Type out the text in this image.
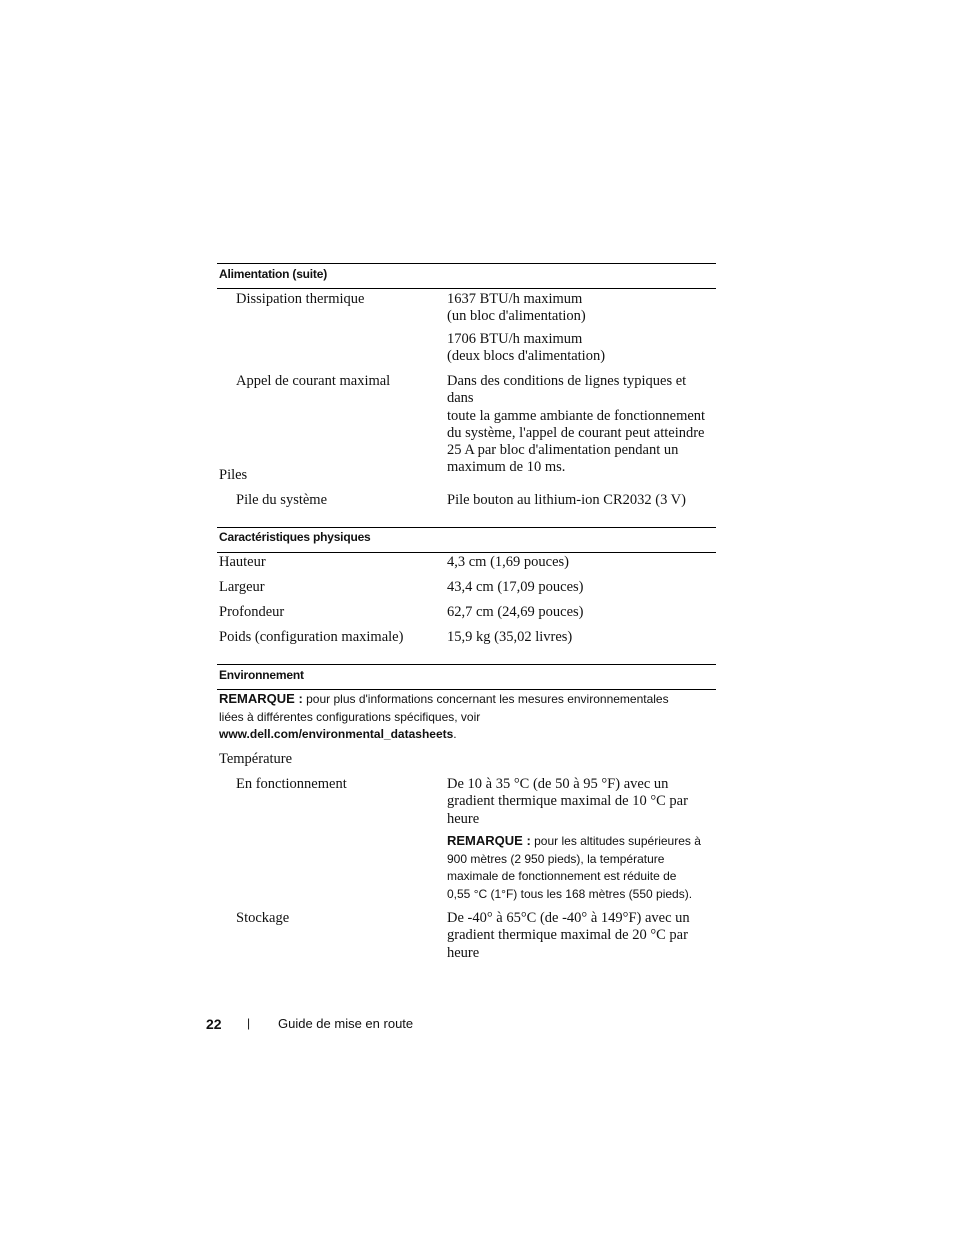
Alimentation (suite)
Dissipation thermique	1637 BTU/h maximum
(un bloc d'alimentation)
1706 BTU/h maximum
(deux blocs d'alimentation)
Appel de courant maximal	Dans des conditions de lignes typiques et dans
toute la gamme ambiante de fonctionnement
du système, l'appel de courant peut atteindre
25 A par bloc d'alimentation pendant un
maximum de 10 ms.
Piles
Pile du système	Pile bouton au lithium-ion CR2032 (3 V)
Caractéristiques physiques
Hauteur	4,3 cm (1,69 pouces)
Largeur	43,4 cm (17,09 pouces)
Profondeur	62,7 cm (24,69 pouces)
Poids (configuration maximale)	15,9 kg (35,02 livres)
Environnement
REMARQUE : pour plus d'informations concernant les mesures environnementales
liées à différentes configurations spécifiques, voir
www.dell.com/environmental_datasheets.
Température
En fonctionnement	De 10 à 35 °C (de 50 à 95 °F) avec un
gradient thermique maximal de 10 °C par
heure
REMARQUE : pour les altitudes supérieures à
900 mètres (2 950 pieds), la température
maximale de fonctionnement est réduite de
0,55 °C (1°F) tous les 168 mètres (550 pieds).
Stockage	De -40° à 65°C (de -40° à 149°F) avec un
gradient thermique maximal de 20 °C par
heure
22 | Guide de mise en route
